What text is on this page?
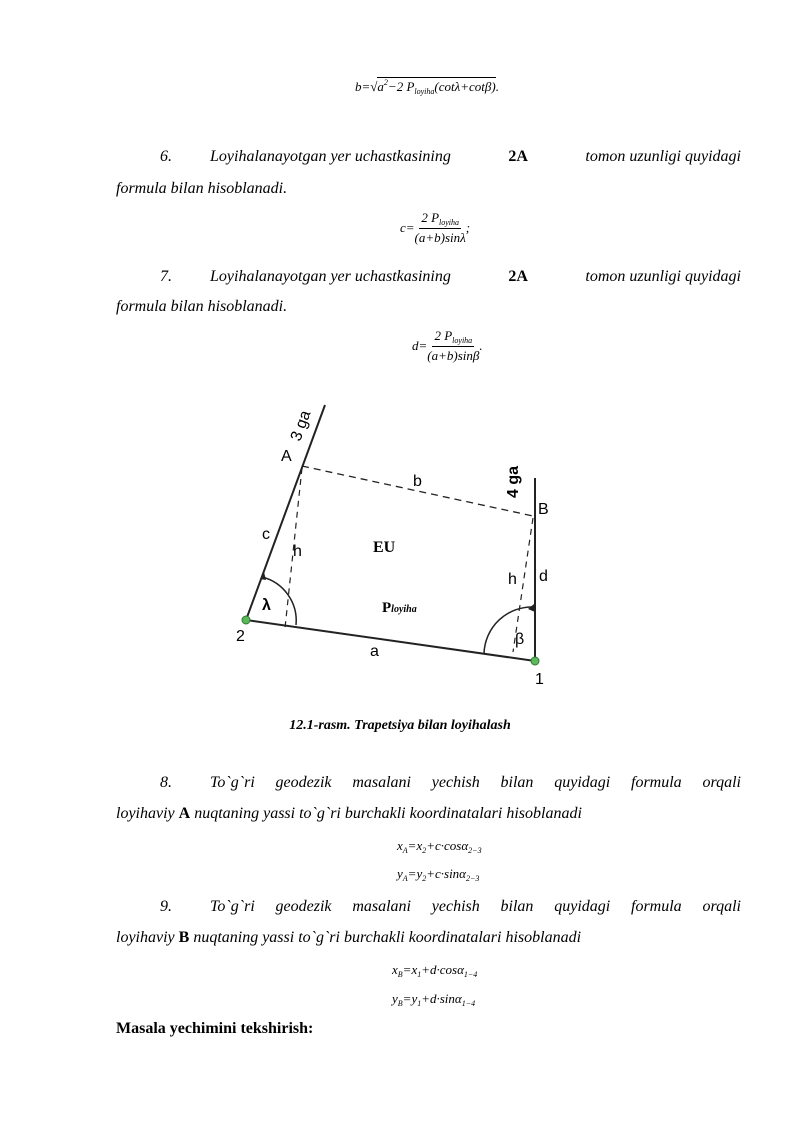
$b=√a^2-2$ $P_{loyiha}(\cot\lambda+\cot\beta)$.
6. Loyihalanayotgan yer uchastkasining	2A	tomon uzunligi quyidagi
formula bilan hisoblanadi.
$c= \frac{2 P_{loyiha}}{(a+b)\sin\lambda}$ ;
7. Loyihalanayotgan yer uchastkasining	2A	tomon uzunligi quyidagi
formula bilan hisoblanadi.
$d= \frac{2 P_{loyiha}}{(a+b)\sin\beta}$ .
3 ga
4 ga
A
B
b
c
d
h
h
EU
Ployiha
λ
β
2
1
a
12.1-rasm. Trapetsiya bilan loyihalash
8. To`g`ri geodezik masalani yechish bilan quyidagi formula orqali
loyihaviy A nuqtaning yassi to`g`ri burchakli koordinatalari hisoblanadi
$x_A=x_2+c\cdot\cos\alpha_{2-3}$
$y_A=y_2+c\cdot\sin\alpha_{2-3}$
9. To`g`ri geodezik masalani yechish bilan quyidagi formula orqali
loyihaviy B nuqtaning yassi to`g`ri burchakli koordinatalari hisoblanadi
$x_B=x_1+d\cdot\cos\alpha_{1-4}$
$y_B=y_1+d\cdot\sin\alpha_{1-4}$
Masala yechimini tekshirish:
